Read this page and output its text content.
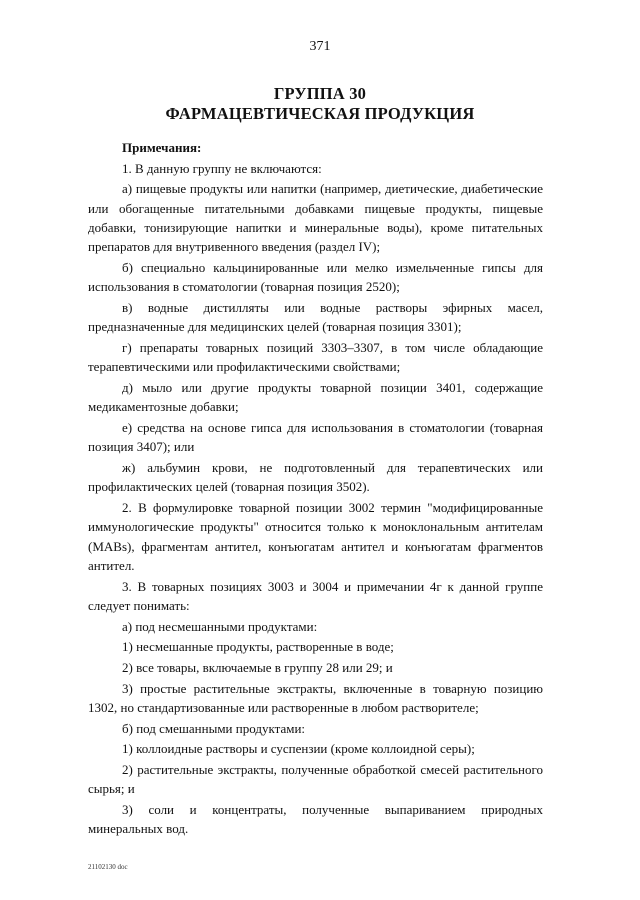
371
ГРУППА 30
ФАРМАЦЕВТИЧЕСКАЯ ПРОДУКЦИЯ

Примечания:

1. В данную группу не включаются:

а) пищевые продукты или напитки (например, диетические, диабетические или обогащенные питательными добавками пищевые продукты, пищевые добавки, тонизирующие напитки и минеральные воды), кроме питательных препаратов для внутривенного введения (раздел IV);

б) специально кальцинированные или мелко измельченные гипсы для использования в стоматологии (товарная позиция 2520);

в) водные дистилляты или водные растворы эфирных масел, предназначенные для медицинских целей (товарная позиция 3301);

г) препараты товарных позиций 3303–3307, в том числе обладающие терапевтическими или профилактическими свойствами;

д) мыло или другие продукты товарной позиции 3401, содержащие медикаментозные добавки;

е) средства на основе гипса для использования в стоматологии (товарная позиция 3407); или

ж) альбумин крови, не подготовленный для терапевтических или профилактических целей (товарная позиция 3502).

2. В формулировке товарной позиции 3002 термин "модифицированные иммунологические продукты" относится только к моноклональным антителам (MABs), фрагментам антител, конъюгатам антител и конъюгатам фрагментов антител.

3. В товарных позициях 3003 и 3004 и примечании 4г к данной группе следует понимать:

а) под несмешанными продуктами:

1) несмешанные продукты, растворенные в воде;

2) все товары, включаемые в группу 28 или 29; и

3) простые растительные экстракты, включенные в товарную позицию 1302, но стандартизованные или растворенные в любом растворителе;

б) под смешанными продуктами:

1) коллоидные растворы и суспензии (кроме коллоидной серы);

2) растительные экстракты, полученные обработкой смесей растительного сырья; и

3) соли и концентраты, полученные выпариванием природных минеральных вод.

21102130 doc
